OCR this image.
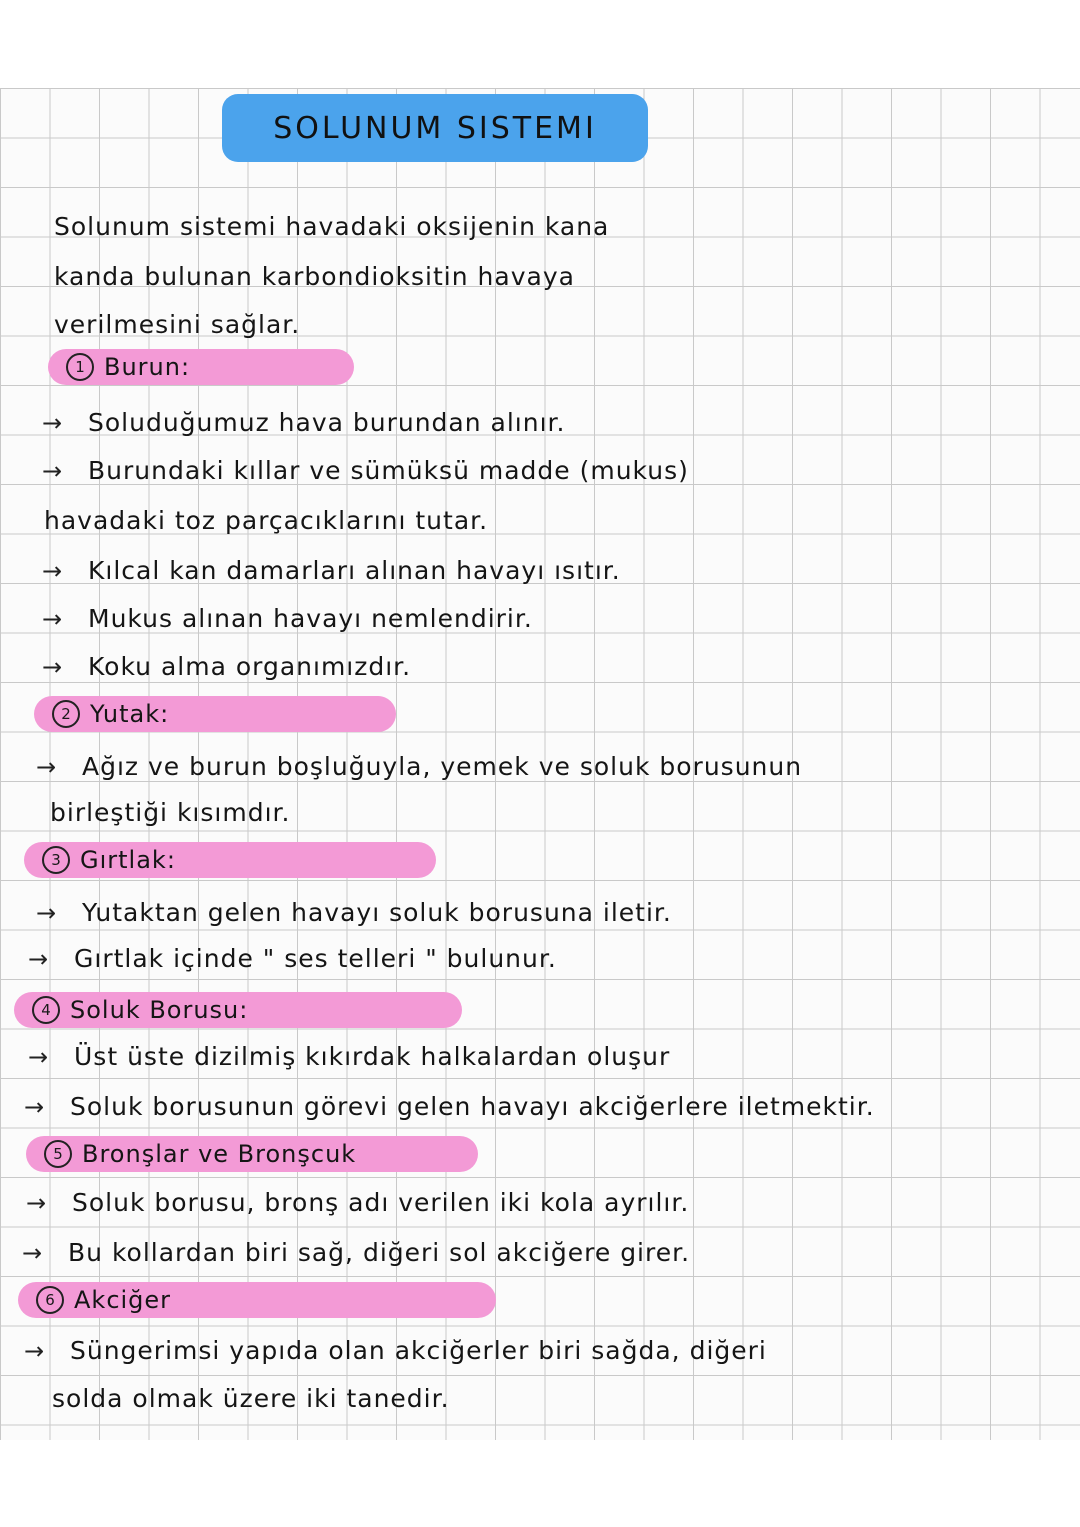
SOLUNUM SISTEMI
Solunum sistemi havadaki oksijenin kana
kanda bulunan karbondioksitin havaya
verilmesini sağlar.
1 Burun:
→ Soluduğumuz hava burundan alınır.
→ Burundaki kıllar ve sümüksü madde (mukus)
havadaki toz parçacıklarını tutar.
→ Kılcal kan damarları alınan havayı ısıtır.
→ Mukus alınan havayı nemlendirir.
→ Koku alma organımızdır.
2 Yutak:
→ Ağız ve burun boşluğuyla, yemek ve soluk borusunun
birleştiği kısımdır.
3 Gırtlak:
→ Yutaktan gelen havayı soluk borusuna iletir.
→ Gırtlak içinde " ses telleri " bulunur.
4 Soluk Borusu:
→ Üst üste dizilmiş kıkırdak halkalardan oluşur
→ Soluk borusunun görevi gelen havayı akciğerlere iletmektir.
5 Bronşlar ve Bronşcuk
→ Soluk borusu, bronş adı verilen iki kola ayrılır.
→ Bu kollardan biri sağ, diğeri sol akciğere girer.
6 Akciğer
→ Süngerimsi yapıda olan akciğerler biri sağda, diğeri
solda olmak üzere iki tanedir.
